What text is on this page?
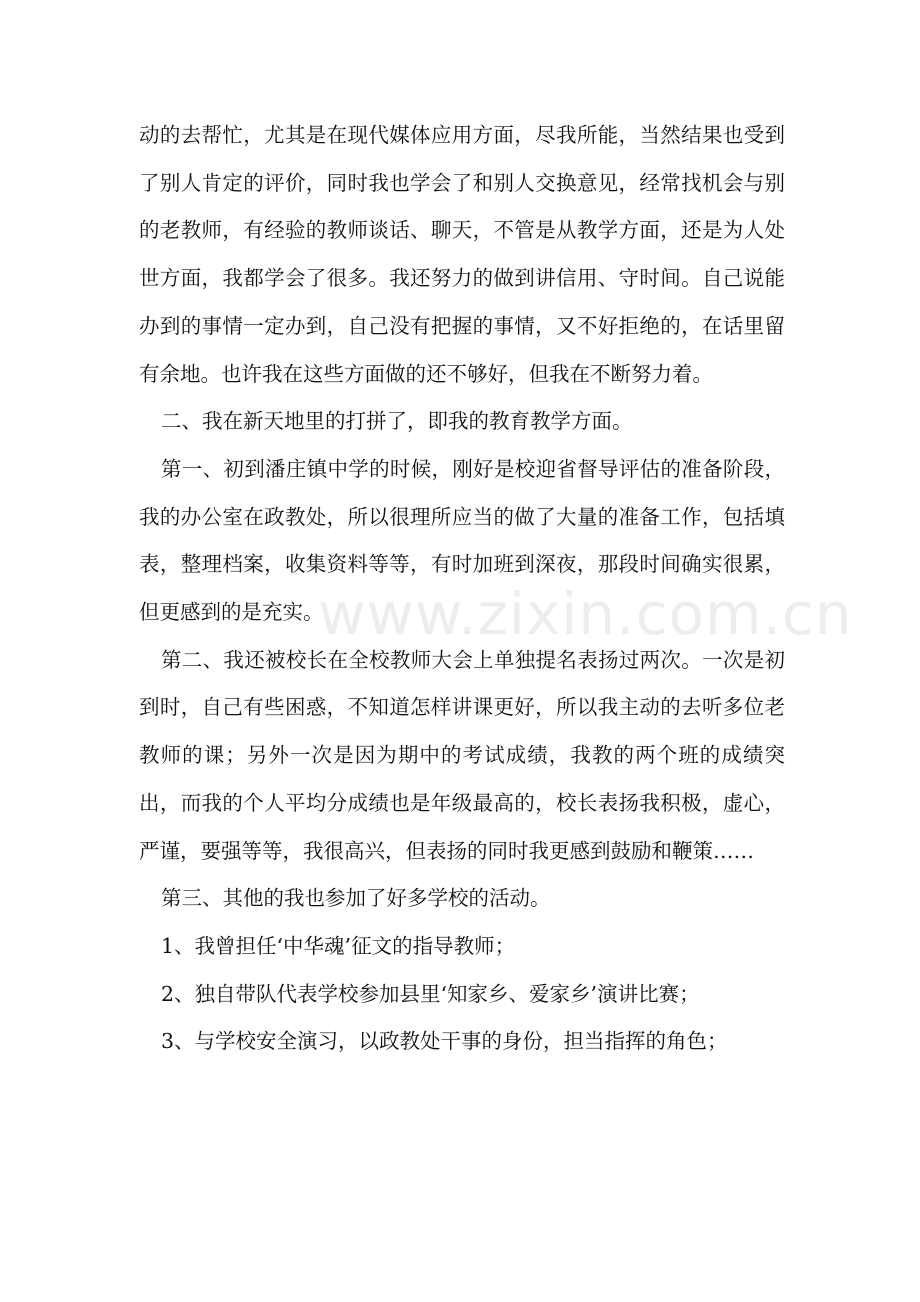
动的去帮忙，尤其是在现代媒体应用方面，尽我所能，当然结果也受到了别人肯定的评价，同时我也学会了和别人交换意见，经常找机会与别的老教师，有经验的教师谈话、聊天，不管是从教学方面，还是为人处世方面，我都学会了很多。我还努力的做到讲信用、守时间。自己说能办到的事情一定办到，自己没有把握的事情，又不好拒绝的，在话里留有余地。也许我在这些方面做的还不够好，但我在不断努力着。

二、我在新天地里的打拼了，即我的教育教学方面。

第一、初到潘庄镇中学的时候，刚好是校迎省督导评估的准备阶段，我的办公室在政教处，所以很理所应当的做了大量的准备工作，包括填表，整理档案，收集资料等等，有时加班到深夜，那段时间确实很累，但更感到的是充实。

第二、我还被校长在全校教师大会上单独提名表扬过两次。一次是初到时，自己有些困惑，不知道怎样讲课更好，所以我主动的去听多位老教师的课；另外一次是因为期中的考试成绩，我教的两个班的成绩突出，而我的个人平均分成绩也是年级最高的，校长表扬我积极，虚心，严谨，要强等等，我很高兴，但表扬的同时我更感到鼓励和鞭策……

第三、其他的我也参加了好多学校的活动。

1、我曾担任‘中华魂’征文的指导教师；

2、独自带队代表学校参加县里‘知家乡、爱家乡’演讲比赛；

3、与学校安全演习，以政教处干事的身份，担当指挥的角色；

www.zixin.com.cn
